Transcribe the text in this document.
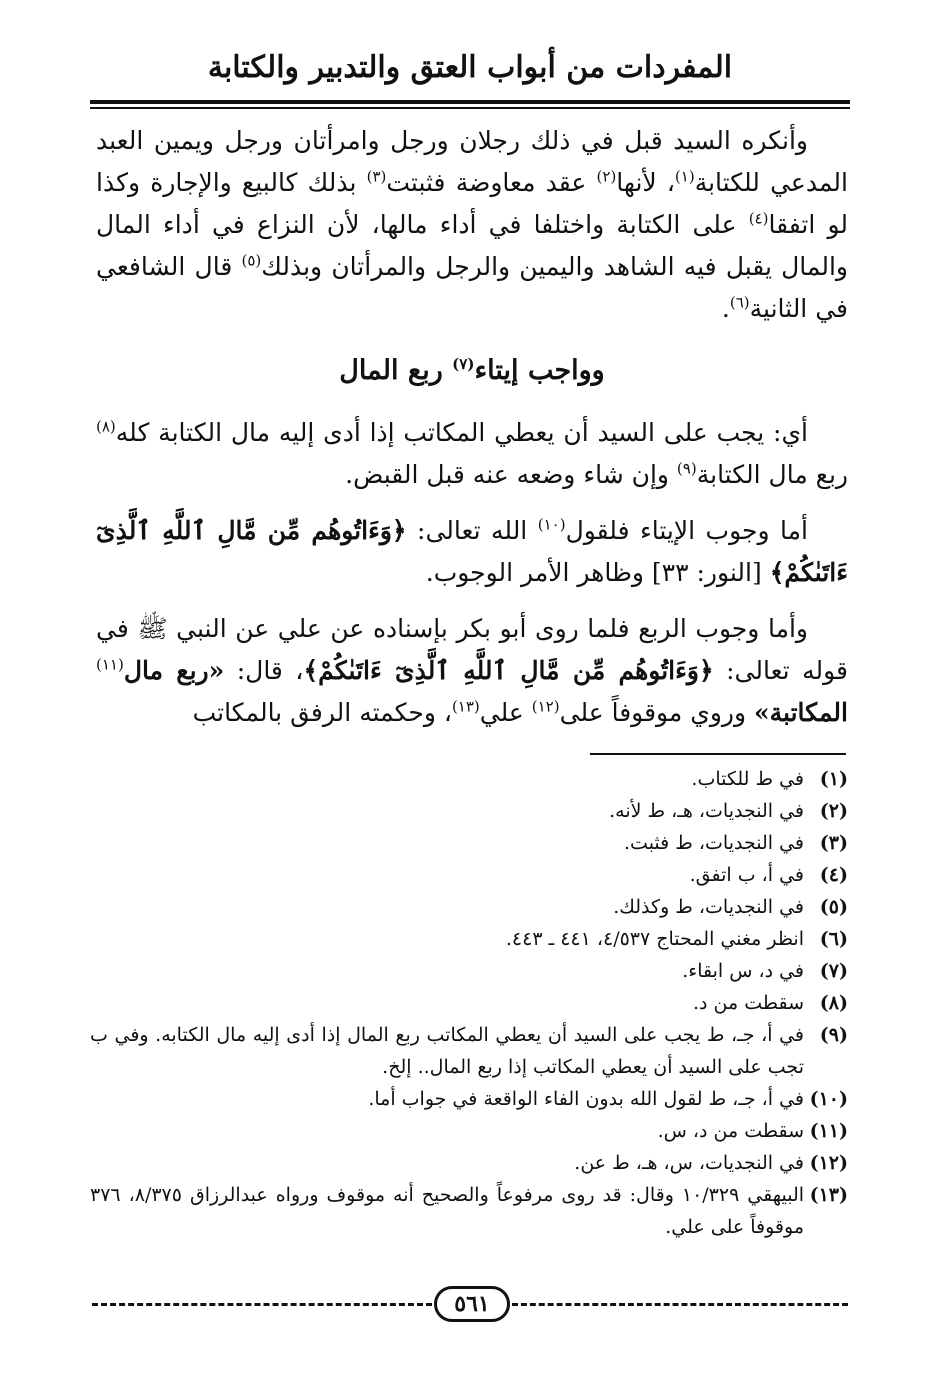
المفردات من أبواب العتق والتدبير والكتابة

وأنكره السيد قبل في ذلك رجلان ورجل وامرأتان ورجل ويمين العبد المدعي للكتابة$^{(١)}$، لأنها$^{(٢)}$ عقد معاوضة فثبتت$^{(٣)}$ بذلك كالبيع والإجارة وكذا لو اتفقا$^{(٤)}$ على الكتابة واختلفا في أداء مالها، لأن النزاع في أداء المال والمال يقبل فيه الشاهد واليمين والرجل والمرأتان وبذلك$^{(٥)}$ قال الشافعي في الثانية$^{(٦)}$.

وواجب إيتاء$^{(٧)}$ ربع المال

أي: يجب على السيد أن يعطي المكاتب إذا أدى إليه مال الكتابة كله$^{(٨)}$ ربع مال الكتابة$^{(٩)}$ وإن شاء وضعه عنه قبل القبض.

أما وجوب الإيتاء فلقول$^{(١٠)}$ الله تعالى: ﴿وَءَاتُوهُم مِّن مَّالِ ٱللَّهِ ٱلَّذِىٓ ءَاتَىٰكُمْ﴾ [النور: ٣٣] وظاهر الأمر الوجوب.

وأما وجوب الربع فلما روى أبو بكر بإسناده عن علي عن النبي ﷺ في قوله تعالى: ﴿وَءَاتُوهُم مِّن مَّالِ ٱللَّهِ ٱلَّذِىٓ ءَاتَىٰكُمْ﴾، قال: «ربع مال$^{(١١)}$ المكاتبة» وروي موقوفاً على$^{(١٢)}$ علي$^{(١٣)}$، وحكمته الرفق بالمكاتب

(١)
في ط للكتاب.
(٢)
في النجديات، هـ، ط لأنه.
(٣)
في النجديات، ط فثبت.
(٤)
في أ، ب اتفق.
(٥)
في النجديات، ط وكذلك.
(٦)
انظر مغني المحتاج ٤/٥٣٧، ٤٤١ ـ ٤٤٣.
(٧)
في د، س ابقاء.
(٨)
سقطت من د.
(٩)
في أ، جـ، ط يجب على السيد أن يعطي المكاتب ربع المال إذا أدى إليه مال الكتابه. وفي ب تجب على السيد أن يعطي المكاتب إذا ربع المال.. إلخ.
(١٠)
في أ، جـ، ط لقول الله بدون الفاء الواقعة في جواب أما.
(١١)
سقطت من د، س.
(١٢)
في النجديات، س، هـ، ط عن.
(١٣)
البيهقي ١٠/٣٢٩ وقال: قد روى مرفوعاً والصحيح أنه موقوف ورواه عبدالرزاق ٨/٣٧٥، ٣٧٦ موقوفاً على علي.
٥٦١
